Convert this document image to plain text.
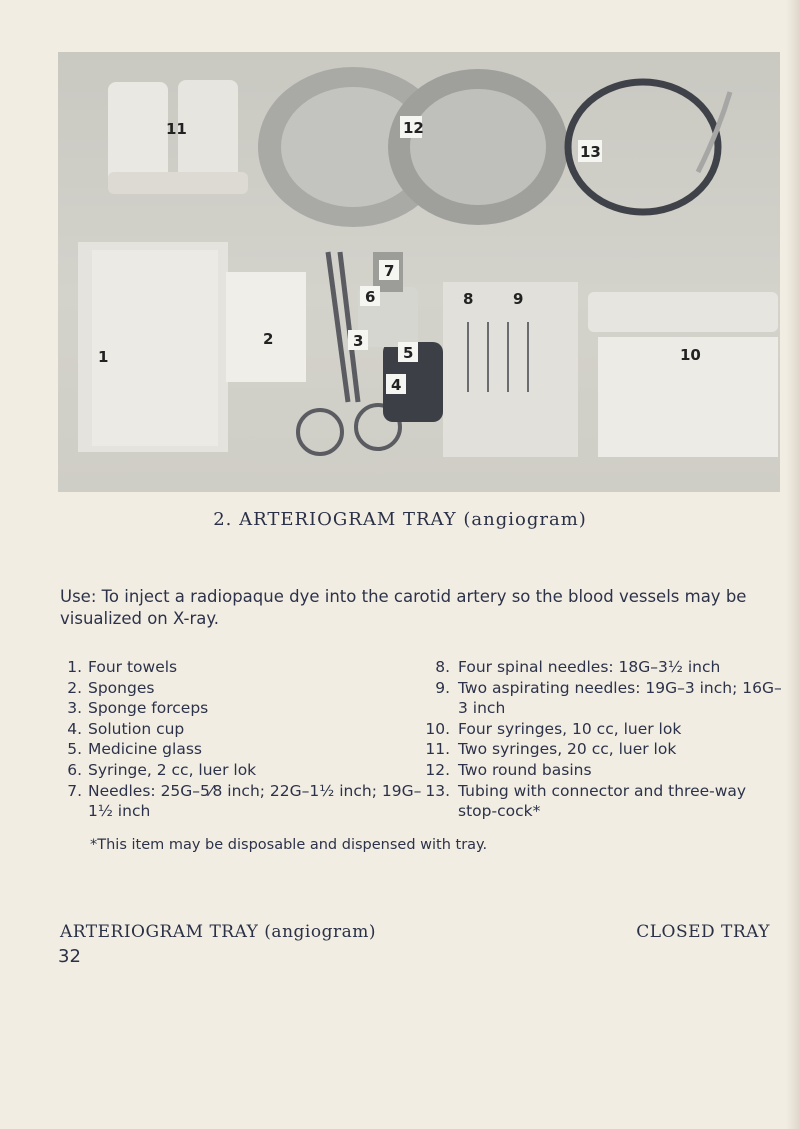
11	12
13
1
2	3
4
5
6
7
8	9
10
2. ARTERIOGRAM TRAY (angiogram)
Use: To inject a radiopaque dye into the carotid artery so the blood vessels may be visualized on X-ray.
1. Four towels
2. Sponges
3. Sponge forceps
4. Solution cup
5. Medicine glass
6. Syringe, 2 cc, luer lok
7. Needles: 25G–5⁄8 inch; 22G–1½ inch; 19G–1½ inch
8. Four spinal needles: 18G–3½ inch
9. Two aspirating needles: 19G–3 inch; 16G–3 inch
10. Four syringes, 10 cc, luer lok
11. Two syringes, 20 cc, luer lok
12. Two round basins
13. Tubing with connector and three-way stop-cock*
*This item may be disposable and dispensed with tray.
ARTERIOGRAM TRAY (angiogram)	CLOSED TRAY
32
